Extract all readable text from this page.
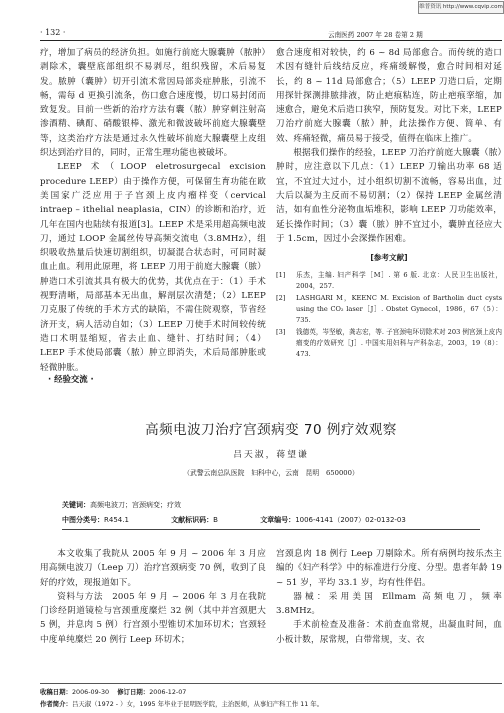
维普资讯 http://www.cqvip.com
· 132 ·	云南医药 2007 年 28 卷第 2 期

疗，增加了病员的经济负担。如施行前庭大腺囊肿（脓肿）剥除术，囊壁底部组织不易剥尽，组织残留，术后易复发。脓肿（囊肿）切开引流术常因局部炎症肿胀，引流不畅，需每 d 更换引流条，伤口愈合速度慢，切口易封闭而致复发。目前一些新的治疗方法有囊（脓）肿穿刺注射高渗酒精、碘酊、硝酸银棒、激光和微波破坏前庭大腺囊壁等，这类治疗方法是通过永久性破坏前庭大腺囊壁上皮组织达到治疗目的，同时，正常生理功能也被破坏。

LEEP 术（LOOP eletrosurgecal excision procedure LEEP）由于操作方便，可保留生育功能在欧美国家广泛应用于子宫颈上皮内瘤样变（cervical intraep – ithelial neaplasia，CIN）的诊断和治疗，近几年在国内也陆续有报道[3]。LEEP 术是采用超高频电波刀，通过 LOOP 金属丝传导高频交流电（3.8MHz），组织吸收热量后快速切割组织，切凝混合状态时，可同时凝血止血。利用此原理，将 LEEP 刀用于前庭大腺囊（脓）肿造口术引流其具有极大的优势，其优点在于：（1）手术视野清晰，局部基本无出血，解剖层次清楚；（2）LEEP 刀克服了传统的手术方式的缺陷，不需住院观察，节省经济开支，病人活动自如；（3）LEEP 刀使手术时间较传统造口术明显缩短，省去止血、缝针、打结时间；（4）LEEP 手术使局部囊（脓）肿立即消失，术后局部肿胀或轻微肿胀。

愈合速度相对较快，约 6 ~ 8d 局部愈合。而传统的造口术因有缝针后线结反应，疼痛缓解慢，愈合时间相对延长，约 8 ~ 11d 局部愈合；（5）LEEP 刀造口后，定期用探针探测排脓排液，防止疤痕粘连，防止疤痕挛缩，加速愈合，避免术后造口狭窄，预防复发。对比下来，LEEP 刀治疗前庭大腺囊（脓）肿，此法操作方便、简单、有效、疼痛轻微，痛员易于接受，值得在临床上推广。

根据我们操作的经验，LEEP 刀治疗前庭大腺囊（脓）肿时，应注意以下几点：（1）LEEP 刀输出功率 68 适宜，不宜过大过小，过小组织切割不流畅，容易出血，过大后以凝为主反而不易切割；（2）保持 LEEP 金属丝清洁，如有血性分泌物血垢堆积，影响 LEEP 刀功能效率，延长操作时间；（3）囊（脓）肿不宜过小，囊肿直径应大于 1.5cm，因过小会深操作困难。

[参考文献]
[1]	乐杰，主编. 妇产科学［M］. 第 6 版. 北京：人民卫生出版社，2004，257.
[2]	LASHGARI M，KEENC M. Excision of Bartholin duct cysts using the CO₂ laser［J］. Obstet Gynecol，1986，67（5）：735.
[3]	钱德英，岑坚敏，龚志宏，等. 子宫颈电环切除术对 203 例宫颈上皮内瘤变的疗效研究［J］. 中国实用妇科与产科杂志，2003，19（8）：473.
· 经验交流 ·
高频电波刀治疗宫颈病变 70 例疗效观察
吕天淑，蒋望谦
（武警云南总队医院　妇科中心，云南　昆明　650000）
关键词：高频电波刀；宫颈病变；疗效
中图分类号：R454.1	文献标识码：B	文章编号：1006-4141（2007）02-0132-03

本文收集了我院从 2005 年 9 月 ~ 2006 年 3 月应用高频电波刀（Leep 刀）治疗宫颈病变 70 例，收到了良好的疗效，现报道如下。

资料与方法　2005 年 9 月 ~ 2006 年 3 月在我院门诊经阴道镜检与宫颈重度糜烂 32 例（其中并宫颈肥大 5 例，并息肉 5 例）行宫颈小型锥切术加环切术；宫颈轻中度单纯糜烂 20 例行 Leep 环切术；

宫颈息肉 18 例行 Leep 刀剔除术。所有病例均按乐杰主编的《妇产科学》中的标准进行分度、分型。患者年龄 19 ~ 51 岁，平均 33.1 岁，均有性伴侣。

器械：采用美国 Ellmam 高频电刀，频率 3.8MHz。

手术前检查及准备：术前查血常规，出凝血时间，血小板计数，尿常规，白带常规，支、衣

收稿日期：2006-09-30 修订日期：2006-12-07
作者简介：吕天淑（1972 - ）女，1995 年毕业于昆明医学院，主治医师，从事妇产科工作 11 年。
